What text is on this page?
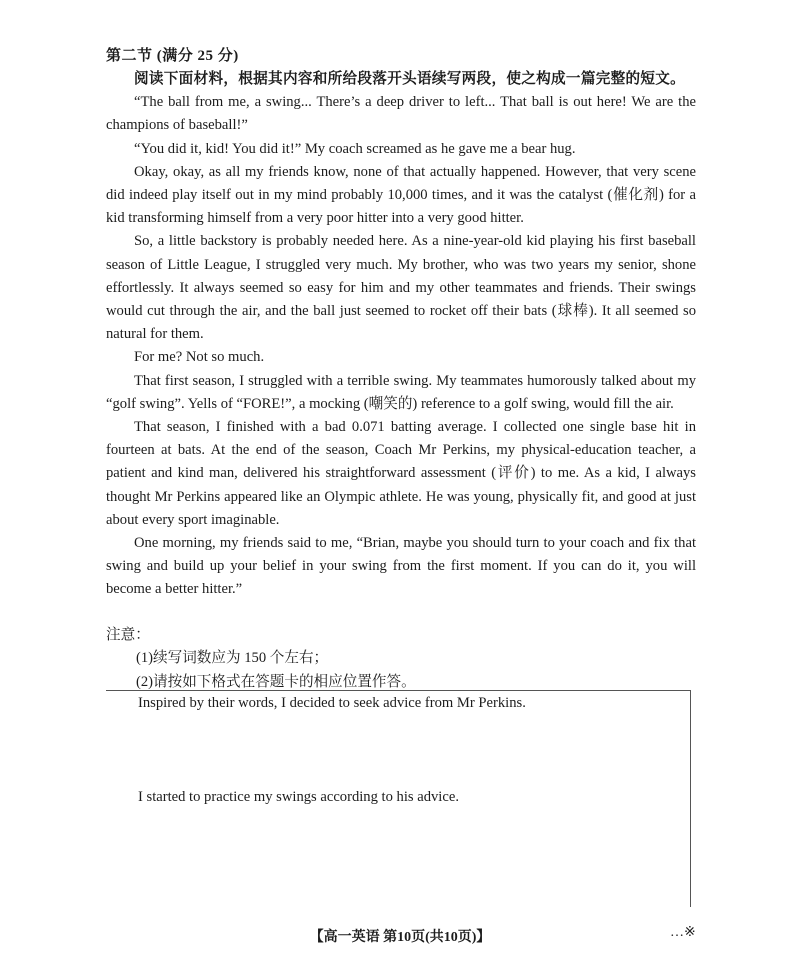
第二节 (满分 25 分)

阅读下面材料，根据其内容和所给段落开头语续写两段，使之构成一篇完整的短文。

“The ball from me, a swing... There’s a deep driver to left... That ball is out here! We are the champions of baseball!”

“You did it, kid! You did it!” My coach screamed as he gave me a bear hug.

Okay, okay, as all my friends know, none of that actually happened. However, that very scene did indeed play itself out in my mind probably 10,000 times, and it was the catalyst (催化剂) for a kid transforming himself from a very poor hitter into a very good hitter.

So, a little backstory is probably needed here. As a nine-year-old kid playing his first baseball season of Little League, I struggled very much. My brother, who was two years my senior, shone effortlessly. It always seemed so easy for him and my other teammates and friends. Their swings would cut through the air, and the ball just seemed to rocket off their bats (球棒). It all seemed so natural for them.

For me? Not so much.

That first season, I struggled with a terrible swing. My teammates humorously talked about my “golf swing”. Yells of “FORE!”, a mocking (嘲笑的) reference to a golf swing, would fill the air.

That season, I finished with a bad 0.071 batting average. I collected one single base hit in fourteen at bats. At the end of the season, Coach Mr Perkins, my physical-education teacher, a patient and kind man, delivered his straightforward assessment (评价) to me. As a kid, I always thought Mr Perkins appeared like an Olympic athlete. He was young, physically fit, and good at just about every sport imaginable.

One morning, my friends said to me, “Brian, maybe you should turn to your coach and fix that swing and build up your belief in your swing from the first moment. If you can do it, you will become a better hitter.”

注意：
(1)续写词数应为 150 个左右；
(2)请按如下格式在答题卡的相应位置作答。
Inspired by their words, I decided to seek advice from Mr Perkins.
I started to practice my swings according to his advice.
【高一英语 第10页(共10页)】	…※
